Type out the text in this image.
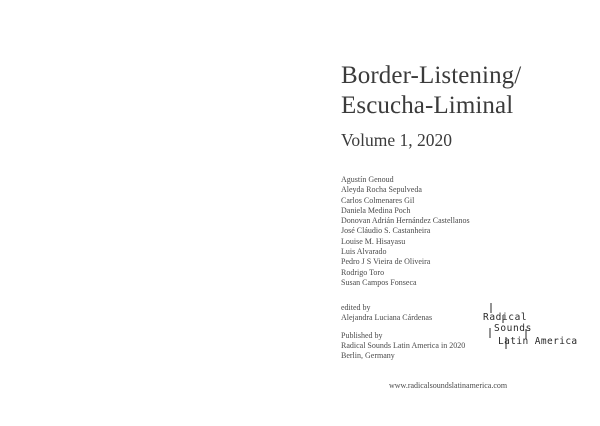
Border-Listening/
Escucha-Liminal
Volume 1, 2020
Agustín Genoud
Aleyda Rocha Sepulveda
Carlos Colmenares Gil
Daniela Medina Poch
Donovan Adrián Hernández Castellanos
José Cláudio S. Castanheira
Louise M. Hisayasu
Luis Alvarado
Pedro J S Vieira de Oliveira
Rodrigo Toro
Susan Campos Fonseca
edited by
Alejandra Luciana Cárdenas
Published by
Radical Sounds Latin America in 2020
Berlin, Germany
Radical
Sounds
Latin America
www.radicalsoundslatinamerica.com
